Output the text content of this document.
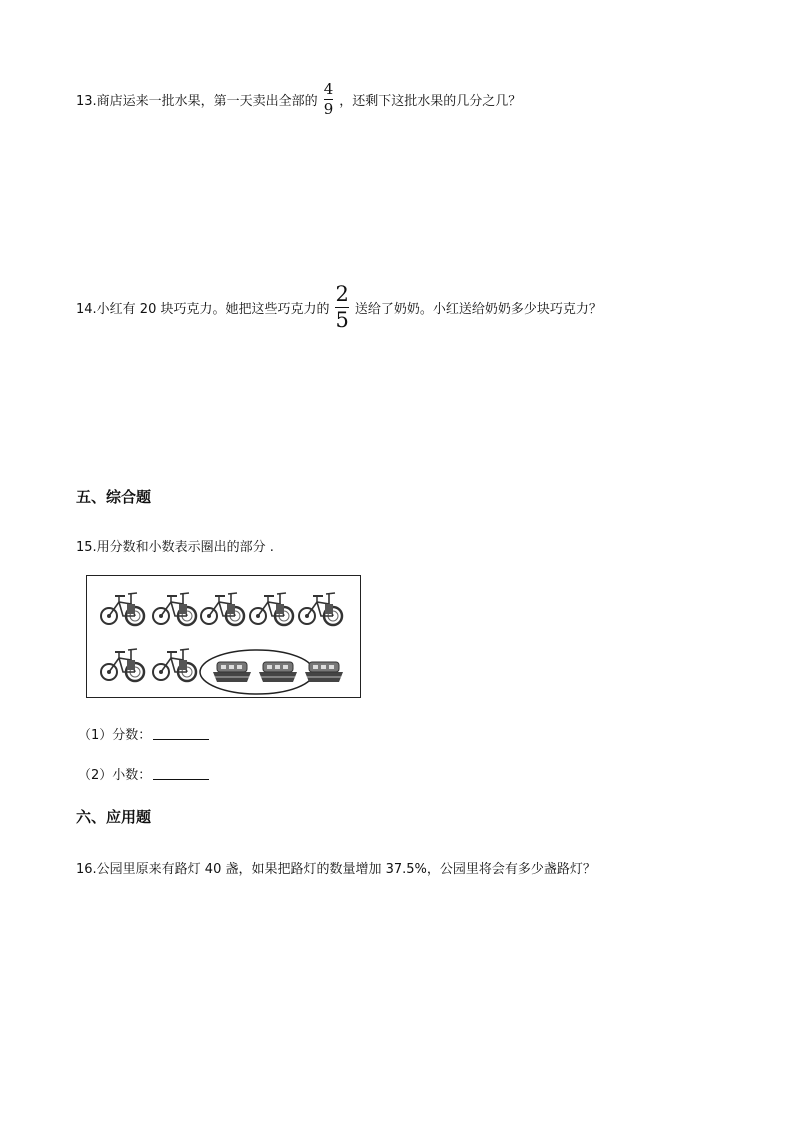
13.商店运来一批水果，第一天卖出全部的 $\frac{4}{9}$ ，还剩下这批水果的几分之几？
14.小红有 20 块巧克力。她把这些巧克力的 $\frac{2}{5}$ 送给了奶奶。小红送给奶奶多少块巧克力？
五、综合题
15.用分数和小数表示圈出的部分 .
（1）分数：
（2）小数：
六、应用题
16.公园里原来有路灯 40 盏，如果把路灯的数量增加 37.5%，公园里将会有多少盏路灯？
